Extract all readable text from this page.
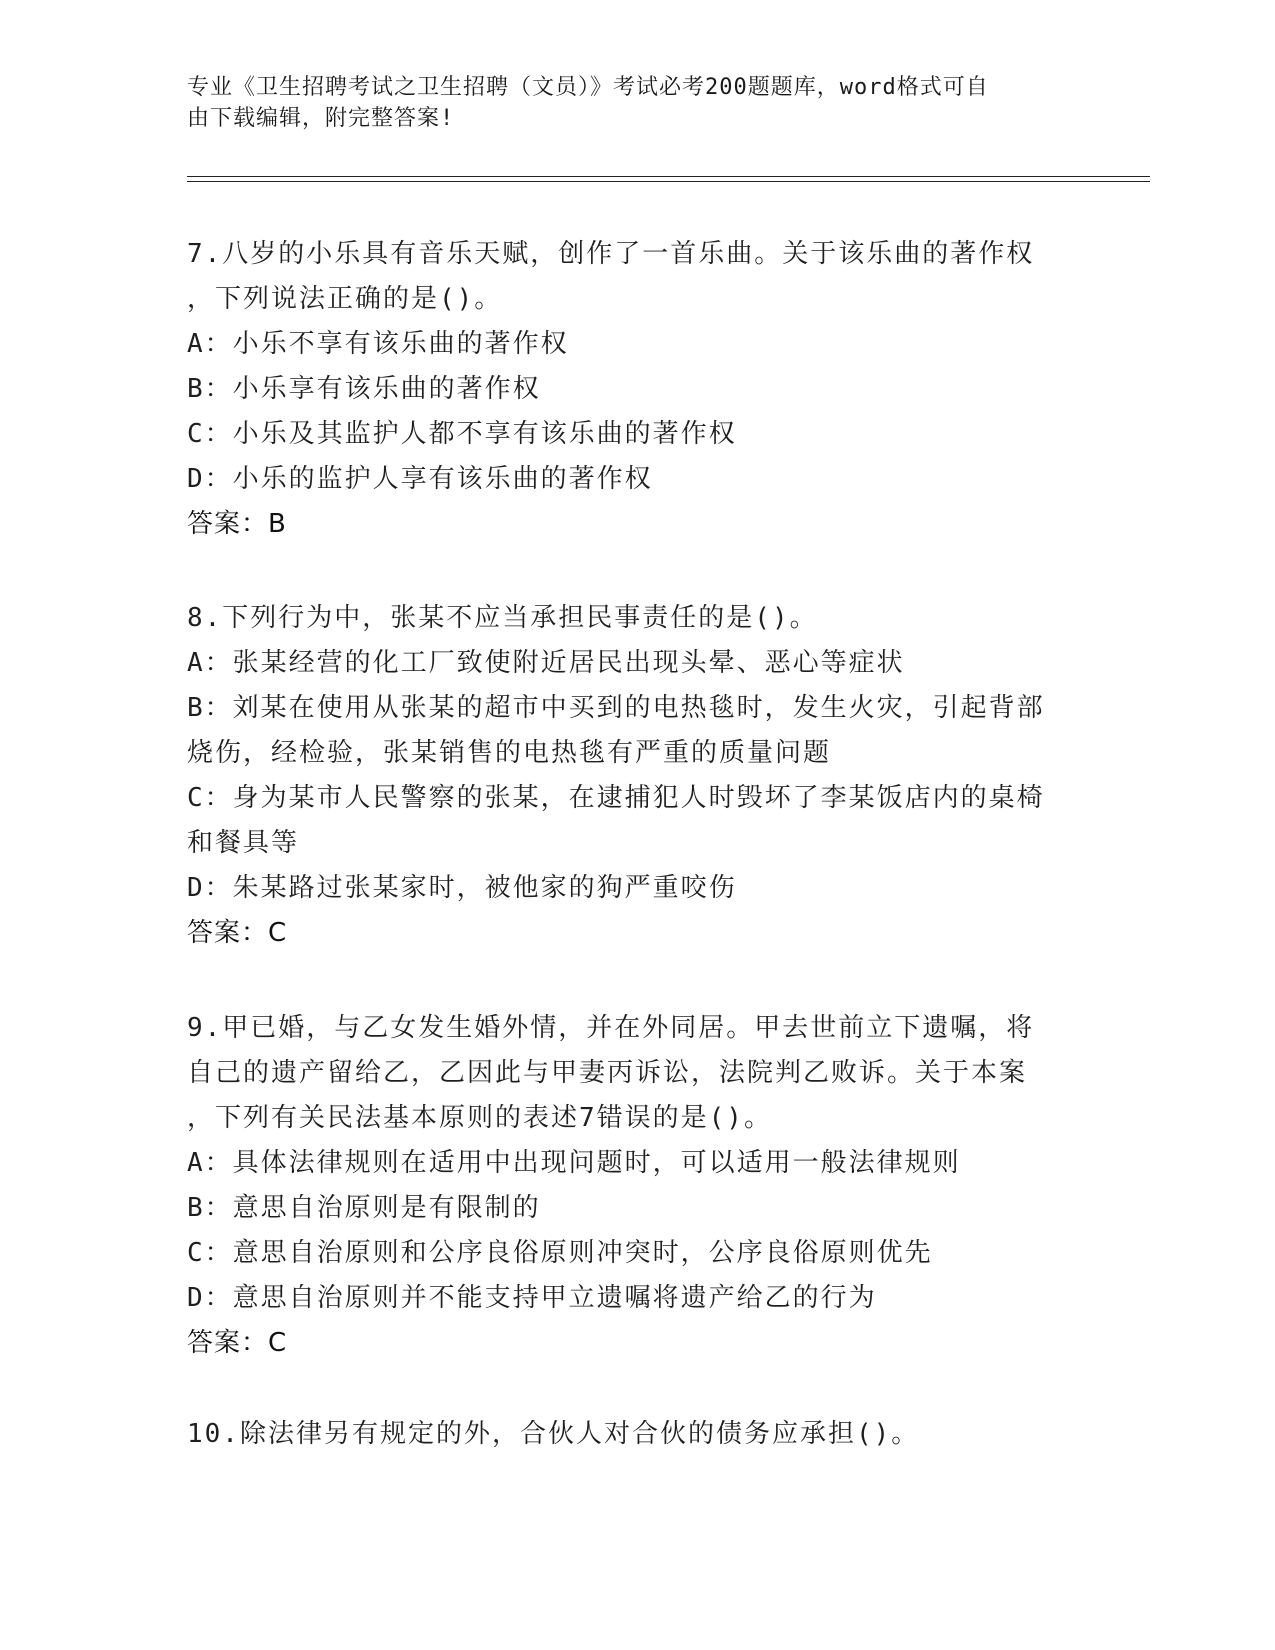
专业《卫生招聘考试之卫生招聘（文员）》考试必考200题题库，word格式可自
由下载编辑，附完整答案!
7.八岁的小乐具有音乐天赋，创作了一首乐曲。关于该乐曲的著作权
，下列说法正确的是()。
A：小乐不享有该乐曲的著作权
B：小乐享有该乐曲的著作权
C：小乐及其监护人都不享有该乐曲的著作权
D：小乐的监护人享有该乐曲的著作权
答案：B
8.下列行为中，张某不应当承担民事责任的是()。
A：张某经营的化工厂致使附近居民出现头晕、恶心等症状
B：刘某在使用从张某的超市中买到的电热毯时，发生火灾，引起背部
烧伤，经检验，张某销售的电热毯有严重的质量问题
C：身为某市人民警察的张某，在逮捕犯人时毁坏了李某饭店内的桌椅
和餐具等
D：朱某路过张某家时，被他家的狗严重咬伤
答案：C
9.甲已婚，与乙女发生婚外情，并在外同居。甲去世前立下遗嘱，将
自己的遗产留给乙，乙因此与甲妻丙诉讼，法院判乙败诉。关于本案
，下列有关民法基本原则的表述7错误的是()。
A：具体法律规则在适用中出现问题时，可以适用一般法律规则
B：意思自治原则是有限制的
C：意思自治原则和公序良俗原则冲突时，公序良俗原则优先
D：意思自治原则并不能支持甲立遗嘱将遗产给乙的行为
答案：C
10.除法律另有规定的外，合伙人对合伙的债务应承担()。
